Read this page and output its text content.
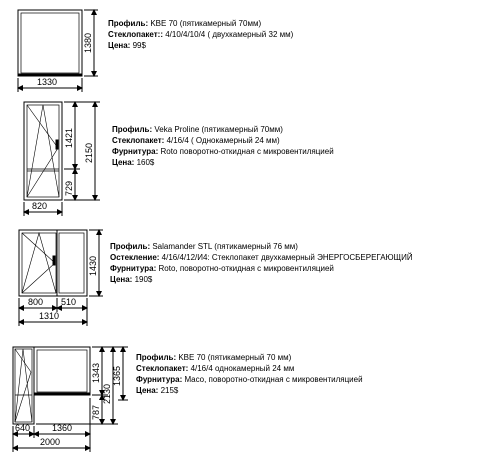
1330
1380
820
1421
729
2150
800 510
1310
1430
640 1360
2000
1343
787
2130
1365
Профиль: KBE 70 (пятикамерный 70мм)
Стеклопакет:: 4/10/4/10/4 ( двухкамерный 32 мм)
Цена: 99$
Профиль: Veka Proline (пятикамерный 70мм)
Стеклопакет: 4/16/4 ( Однокамерный 24 мм)
Фурнитура: Roto поворотно-откидная с микровентиляцией
Цена: 160$
Профиль: Salamander STL (пятикамерный 76 мм)
Остекление: 4/16/4/12/И4: Стеклопакет двухкамерный ЭНЕРГОСБЕРЕГАЮЩИЙ
Фурнитура: Roto, поворотно-откидная с микровентиляцией
Цена: 190$
Профиль: KBE 70 (пятикамерный 70 мм)
Стеклопакет: 4/16/4 однокамерный 24 мм
Фурнитура: Maco, поворотно-откидная с микровентиляцией
Цена: 215$
